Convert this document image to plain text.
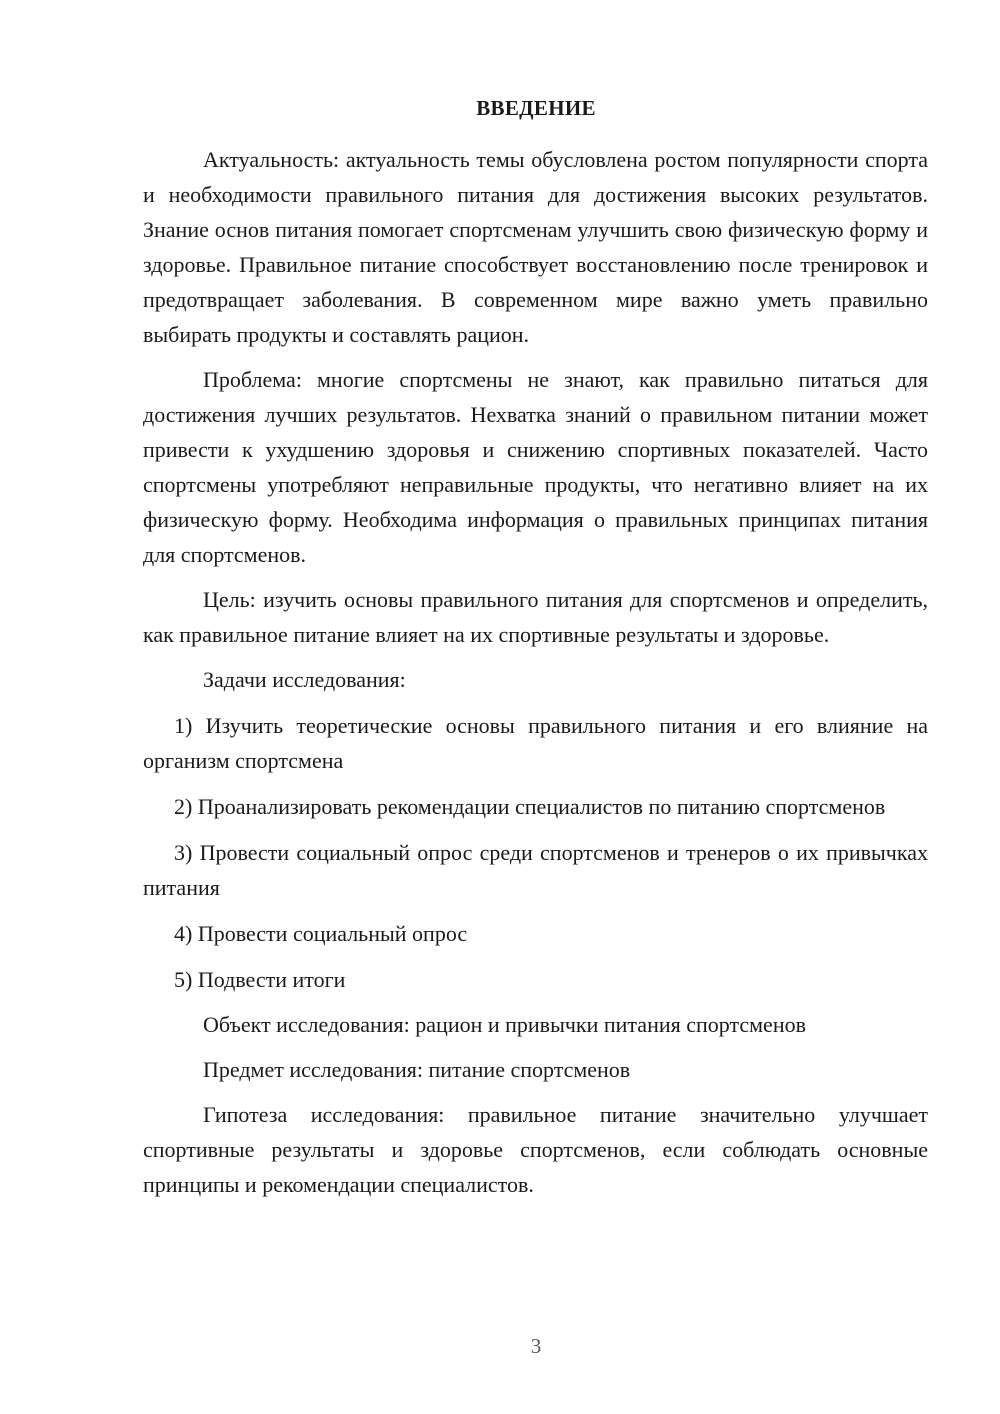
ВВЕДЕНИЕ

Актуальность: актуальность темы обусловлена ростом популярности спорта и необходимости правильного питания для достижения высоких результатов. Знание основ питания помогает спортсменам улучшить свою физическую форму и здоровье. Правильное питание способствует восстановлению после тренировок и предотвращает заболевания. В современном мире важно уметь правильно выбирать продукты и составлять рацион.

Проблема: многие спортсмены не знают, как правильно питаться для достижения лучших результатов. Нехватка знаний о правильном питании может привести к ухудшению здоровья и снижению спортивных показателей. Часто спортсмены употребляют неправильные продукты, что негативно влияет на их физическую форму. Необходима информация о правильных принципах питания для спортсменов.

Цель: изучить основы правильного питания для спортсменов и определить, как правильное питание влияет на их спортивные результаты и здоровье.

Задачи исследования:

1) Изучить теоретические основы правильного питания и его влияние на организм спортсмена

2) Проанализировать рекомендации специалистов по питанию спортсменов

3) Провести социальный опрос среди спортсменов и тренеров о их привычках питания

4) Провести социальный опрос

5) Подвести итоги

Объект исследования: рацион и привычки питания спортсменов

Предмет исследования: питание спортсменов

Гипотеза исследования: правильное питание значительно улучшает спортивные результаты и здоровье спортсменов, если соблюдать основные принципы и рекомендации специалистов.

3
